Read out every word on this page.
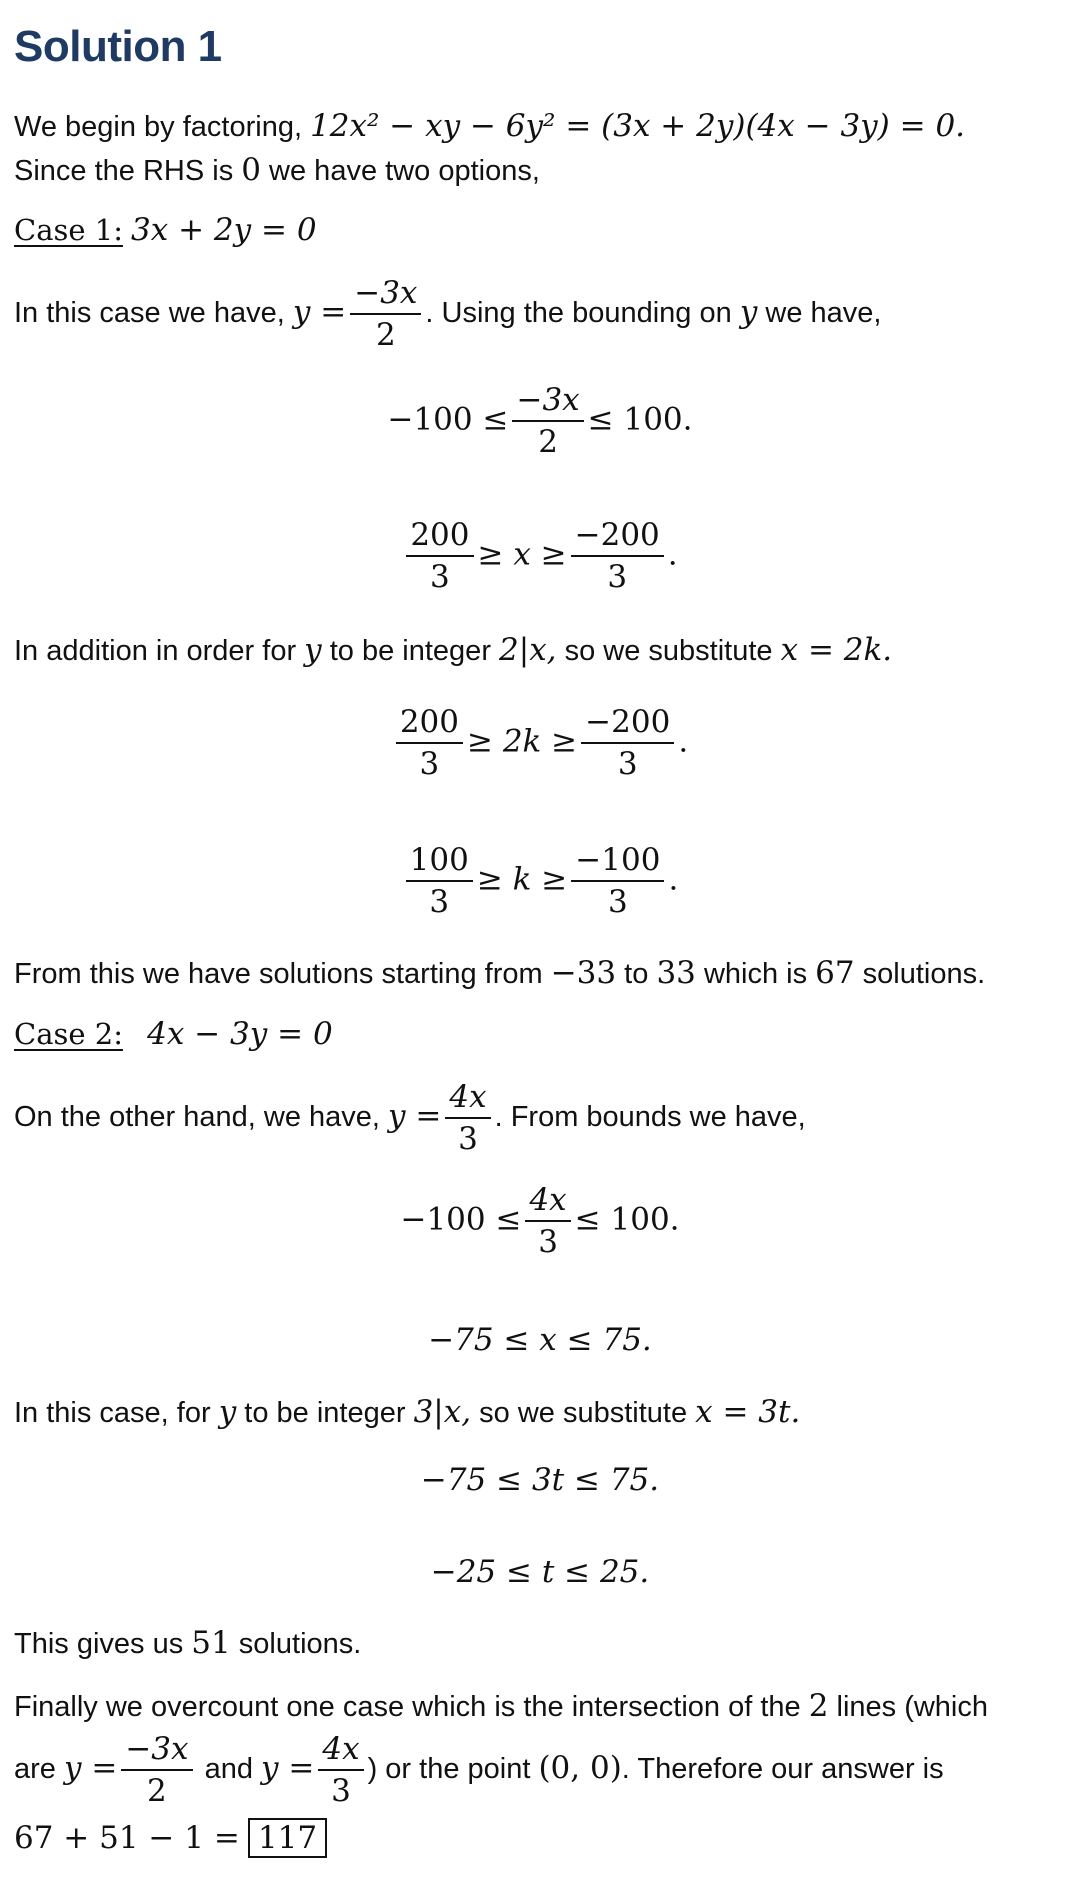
Solution 1
We begin by factoring, 12x² − xy − 6y² = (3x + 2y)(4x − 3y) = 0.
Since the RHS is 0 we have two options,
Case 1: 3x + 2y = 0
In this case we have, $y = \frac{-3x}{2}$ . Using the bounding on y we have,
$-100 \le \frac{-3x}{2} \le 100$.
$\frac{200}{3} \ge x \ge \frac{-200}{3}$ .
In addition in order for y to be integer 2|x, so we substitute x = 2k.
$\frac{200}{3} \ge 2k \ge \frac{-200}{3}$ .
$\frac{100}{3} \ge k \ge \frac{-100}{3}$ .
From this we have solutions starting from −33 to 33 which is 67 solutions.
Case 2: 4x − 3y = 0
On the other hand, we have, $y = \frac{4x}{3}$ . From bounds we have,
$-100 \le \frac{4x}{3} \le 100$.
−75 ≤ x ≤ 75.
In this case, for y to be integer 3|x, so we substitute x = 3t.
−75 ≤ 3t ≤ 75.
−25 ≤ t ≤ 25.
This gives us 51 solutions.
Finally we overcount one case which is the intersection of the 2 lines (which
are $y = \frac{-3x}{2}$ and $y = \frac{4x}{3}$ ) or the point (0, 0). Therefore our answer is
67 + 51 − 1 = 117
